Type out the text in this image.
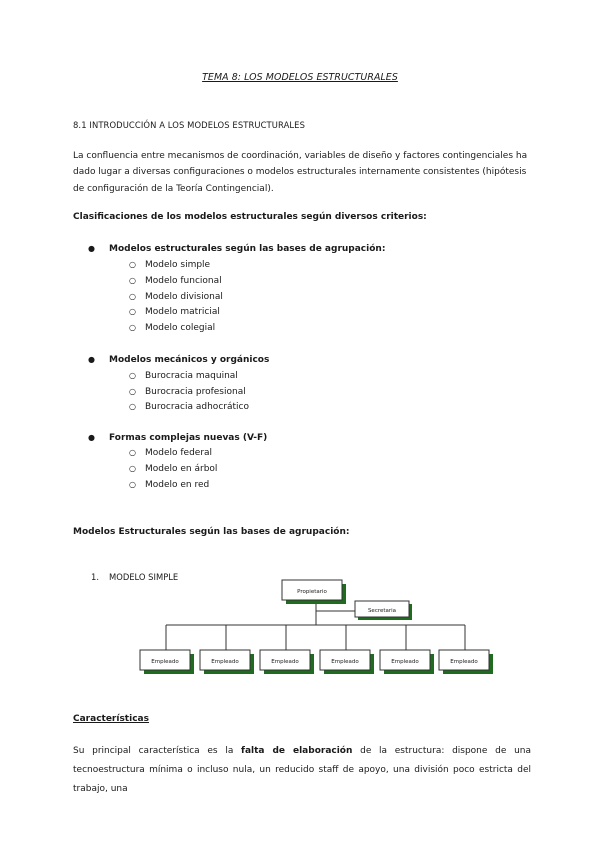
TEMA 8: LOS MODELOS ESTRUCTURALES
8.1 INTRODUCCIÓN A LOS MODELOS ESTRUCTURALES
La confluencia entre mecanismos de coordinación, variables de diseño y factores contingenciales ha dado lugar a diversas configuraciones o modelos estructurales internamente consistentes (hipótesis de configuración de la Teoría Contingencial).
Clasificaciones de los modelos estructurales según diversos criterios:
● Modelos estructurales según las bases de agrupación:
○ Modelo simple
○ Modelo funcional
○ Modelo divisional
○ Modelo matricial
○ Modelo colegial
● Modelos mecánicos y orgánicos
○ Burocracia maquinal
○ Burocracia profesional
○ Burocracia adhocrático
● Formas complejas nuevas (V-F)
○ Modelo federal
○ Modelo en árbol
○ Modelo en red
Modelos Estructurales según las bases de agrupación:
1. MODELO SIMPLE
Propietario
Secretaria
Empleado	Empleado	Empleado	Empleado	Empleado	Empleado
Características
Su principal característica es la falta de elaboración de la estructura: dispone de una tecnoestructura mínima o incluso nula, un reducido staff de apoyo, una división poco estricta del trabajo, una
